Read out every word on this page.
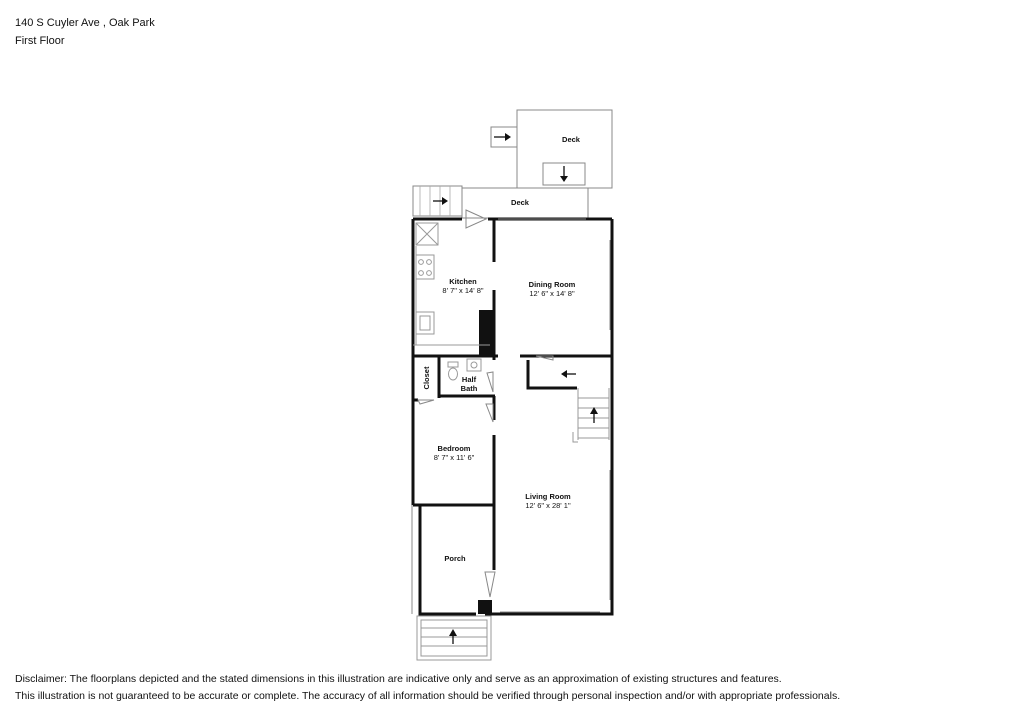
140 S Cuyler Ave , Oak Park
First Floor
Deck
Deck
Kitchen
8' 7" x 14' 8"
Dining Room
12' 6" x 14' 8"
Closet	Half
Bath
Bedroom
8' 7" x 11' 6"
Living Room
12' 6" x 28' 1"
Porch
Disclaimer: The floorplans depicted and the stated dimensions in this illustration are indicative only and serve as an approximation of existing structures and features.
This illustration is not guaranteed to be accurate or complete. The accuracy of all information should be verified through personal inspection and/or with appropriate professionals.
